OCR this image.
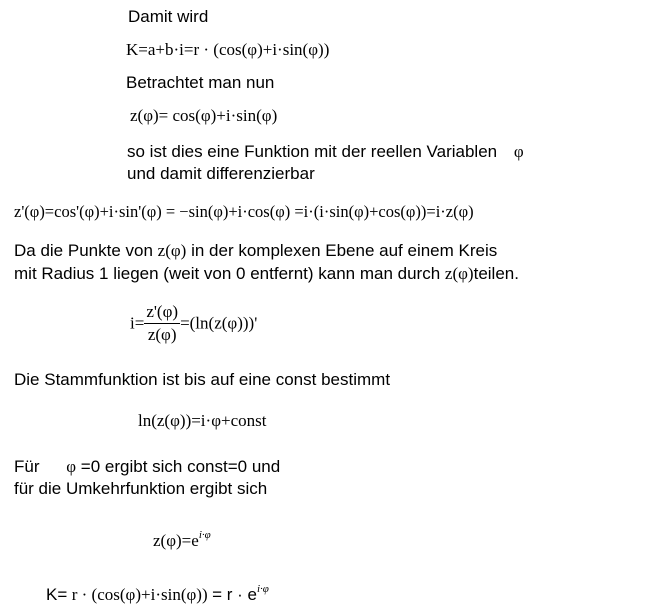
Damit wird
K=a+b·i=r · (cos(φ)+i·sin(φ))
Betrachtet man nun
z(φ)= cos(φ)+i·sin(φ)
so ist dies eine Funktion mit der reellen Variablen φ
und damit differenzierbar
z'(φ)=cos'(φ)+i·sin'(φ) = −sin(φ)+i·cos(φ) =i·(i·sin(φ)+cos(φ))=i·z(φ)
Da die Punkte von z(φ) in der komplexen Ebene auf einem Kreis
mit Radius 1 liegen (weit von 0 entfernt) kann man durch z(φ)teilen.
$i= \frac{z'(\varphi)}{z(\varphi)} =(\ln(z(\varphi)))'$
Die Stammfunktion ist bis auf eine const bestimmt
ln(z(φ))=i·φ+const
Für φ =0 ergibt sich const=0 und
für die Umkehrfunktion ergibt sich
$z(\varphi)=e^{i\cdot\varphi}$
$K= r \cdot (\cos(\varphi)+i\cdot\sin(\varphi)) = r \cdot e^{i\cdot\varphi}$
